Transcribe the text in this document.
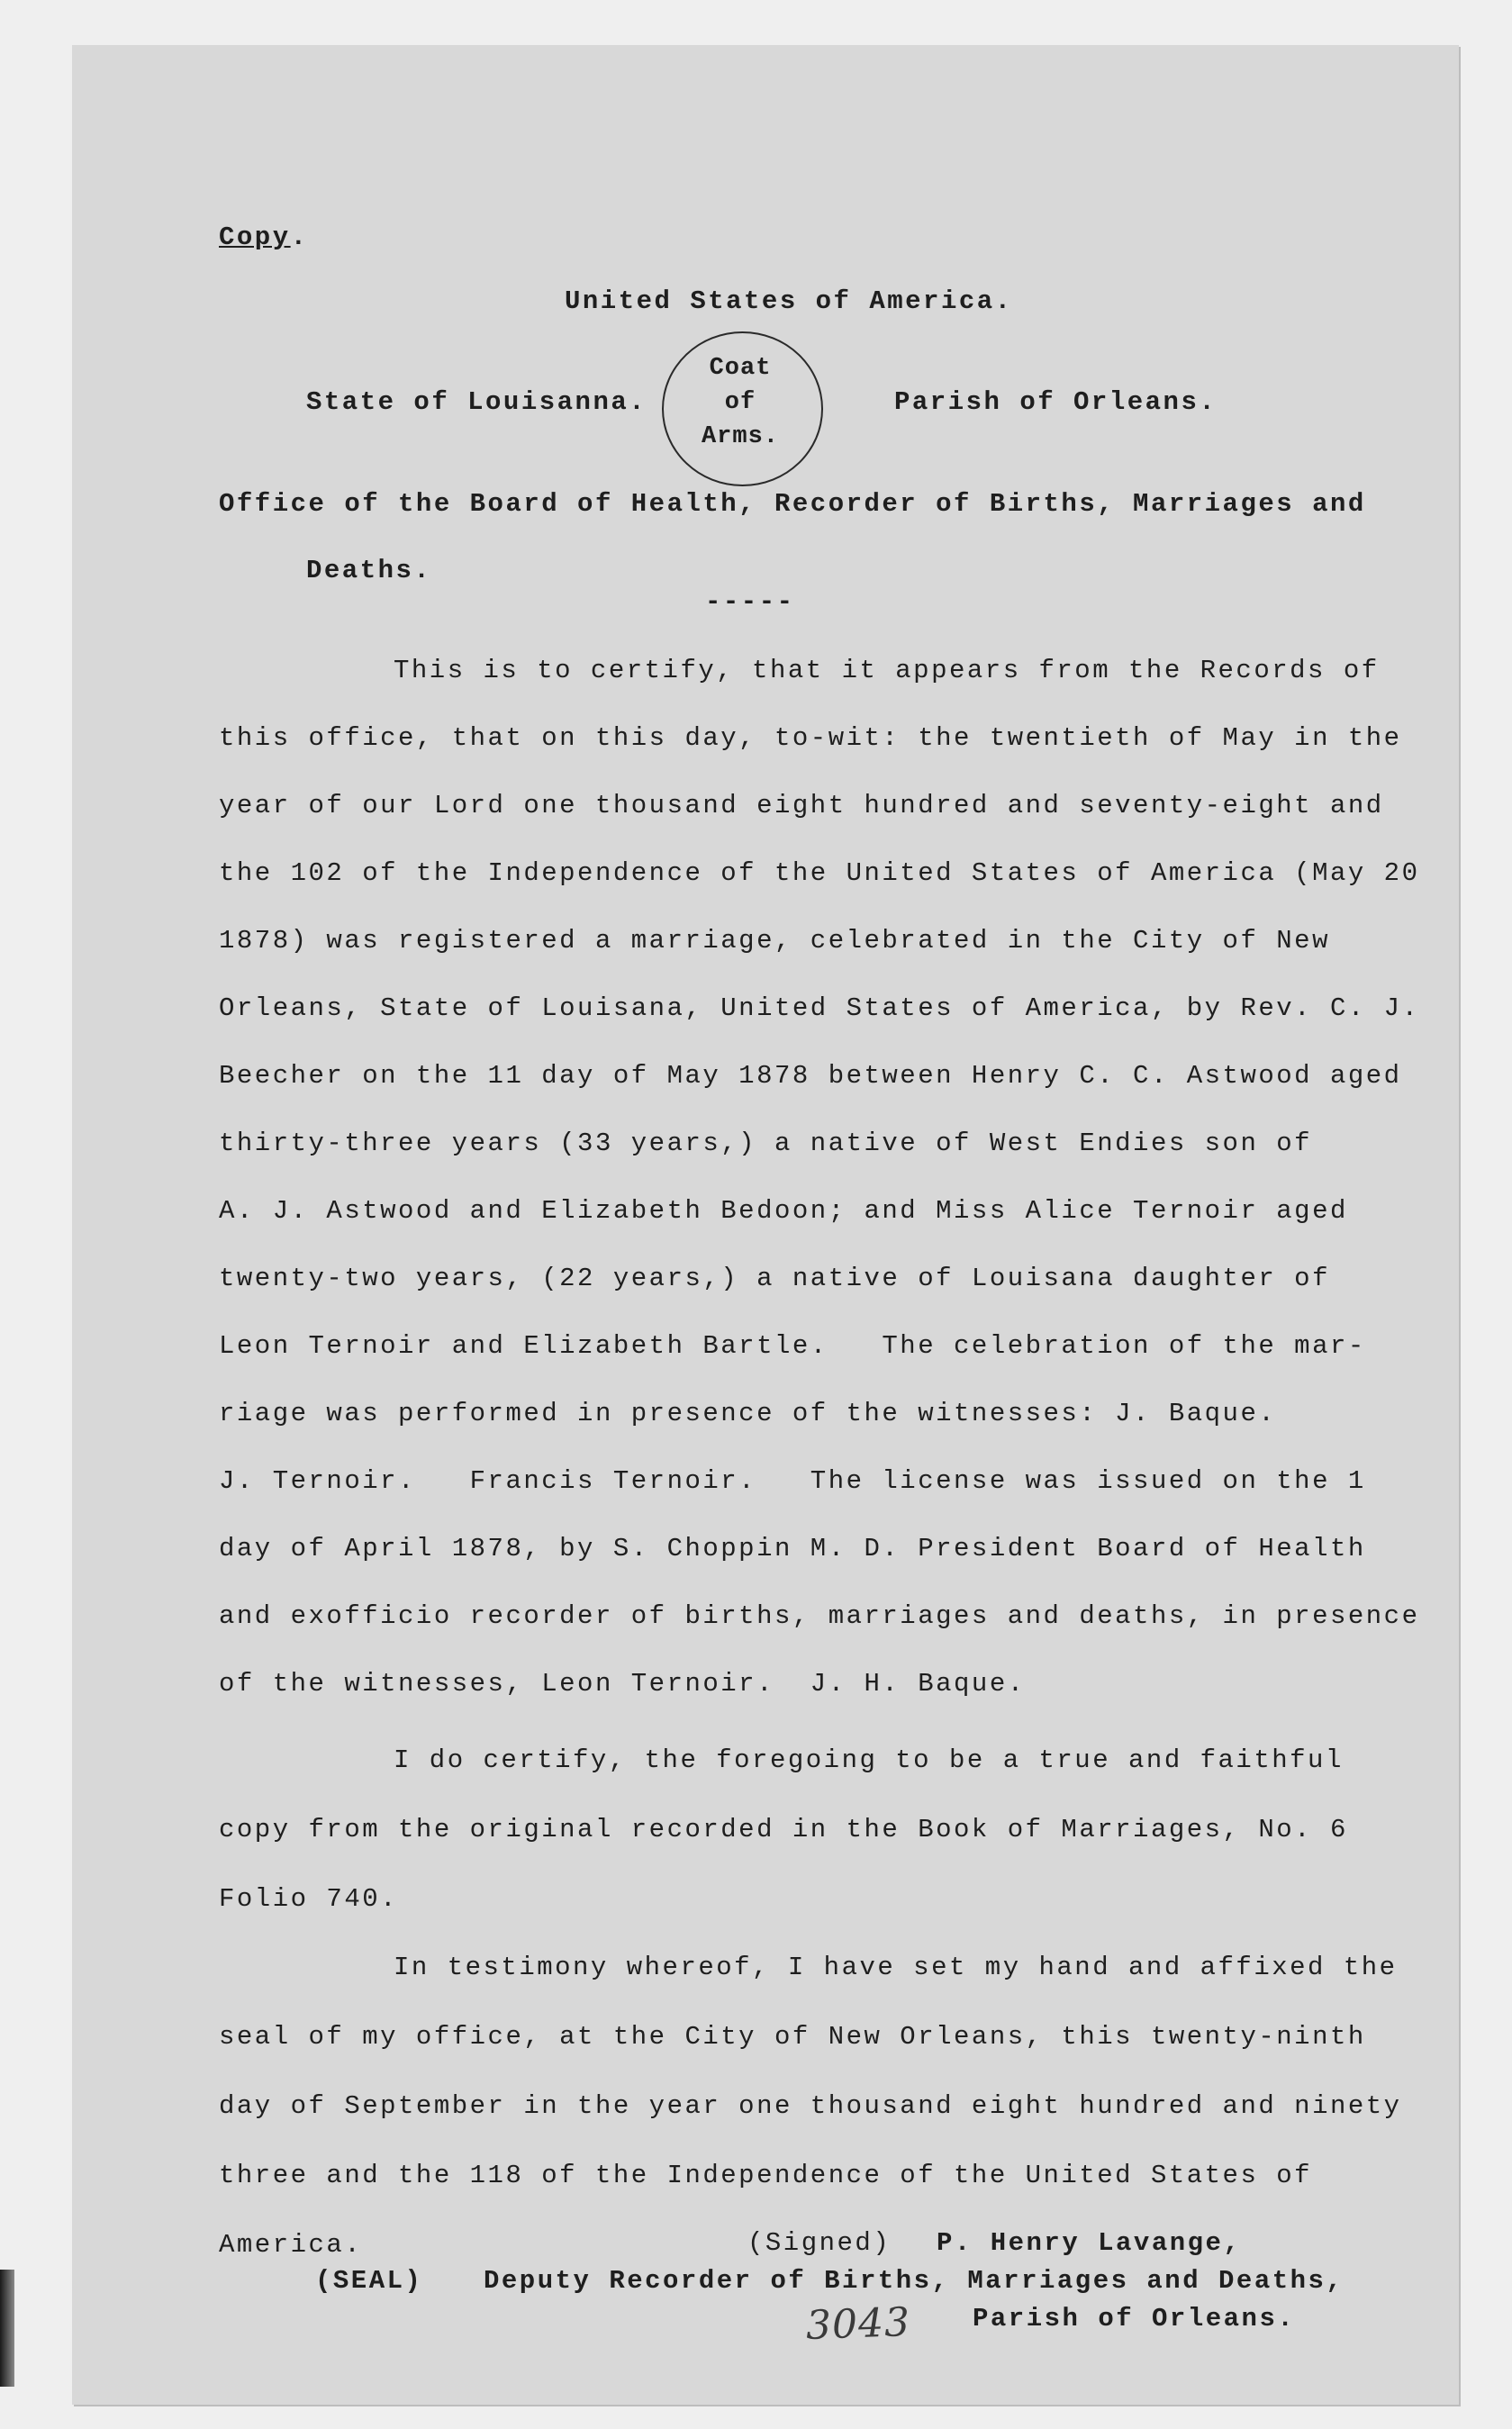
Copy.
United States of America.
State of Louisanna.	Parish of Orleans.
Coat
of
Arms.
Office of the Board of Health, Recorder of Births, Marriages and
Deaths.
-----
This is to certify, that it appears from the Records of
this office, that on this day, to-wit: the twentieth of May in the
year of our Lord one thousand eight hundred and seventy-eight and
the 102 of the Independence of the United States of America (May 20
1878) was registered a marriage, celebrated in the City of New
Orleans, State of Louisana, United States of America, by Rev. C. J.
Beecher on the 11 day of May 1878 between Henry C. C. Astwood aged
thirty-three years (33 years,) a native of West Endies son of
A. J. Astwood and Elizabeth Bedoon; and Miss Alice Ternoir aged
twenty-two years, (22 years,) a native of Louisana daughter of
Leon Ternoir and Elizabeth Bartle.   The celebration of the mar-
riage was performed in presence of the witnesses: J. Baque.
J. Ternoir.   Francis Ternoir.   The license was issued on the 1
day of April 1878, by S. Choppin M. D. President Board of Health
and exofficio recorder of births, marriages and deaths, in presence
of the witnesses, Leon Ternoir.  J. H. Baque.
I do certify, the foregoing to be a true and faithful
copy from the original recorded in the Book of Marriages, No. 6
Folio 740.
In testimony whereof, I have set my hand and affixed the
seal of my office, at the City of New Orleans, this twenty-ninth
day of September in the year one thousand eight hundred and ninety
three and the 118 of the Independence of the United States of
America.	(Signed) P. Henry Lavange,
(SEAL) Deputy Recorder of Births, Marriages and Deaths,
Parish of Orleans.
3043
